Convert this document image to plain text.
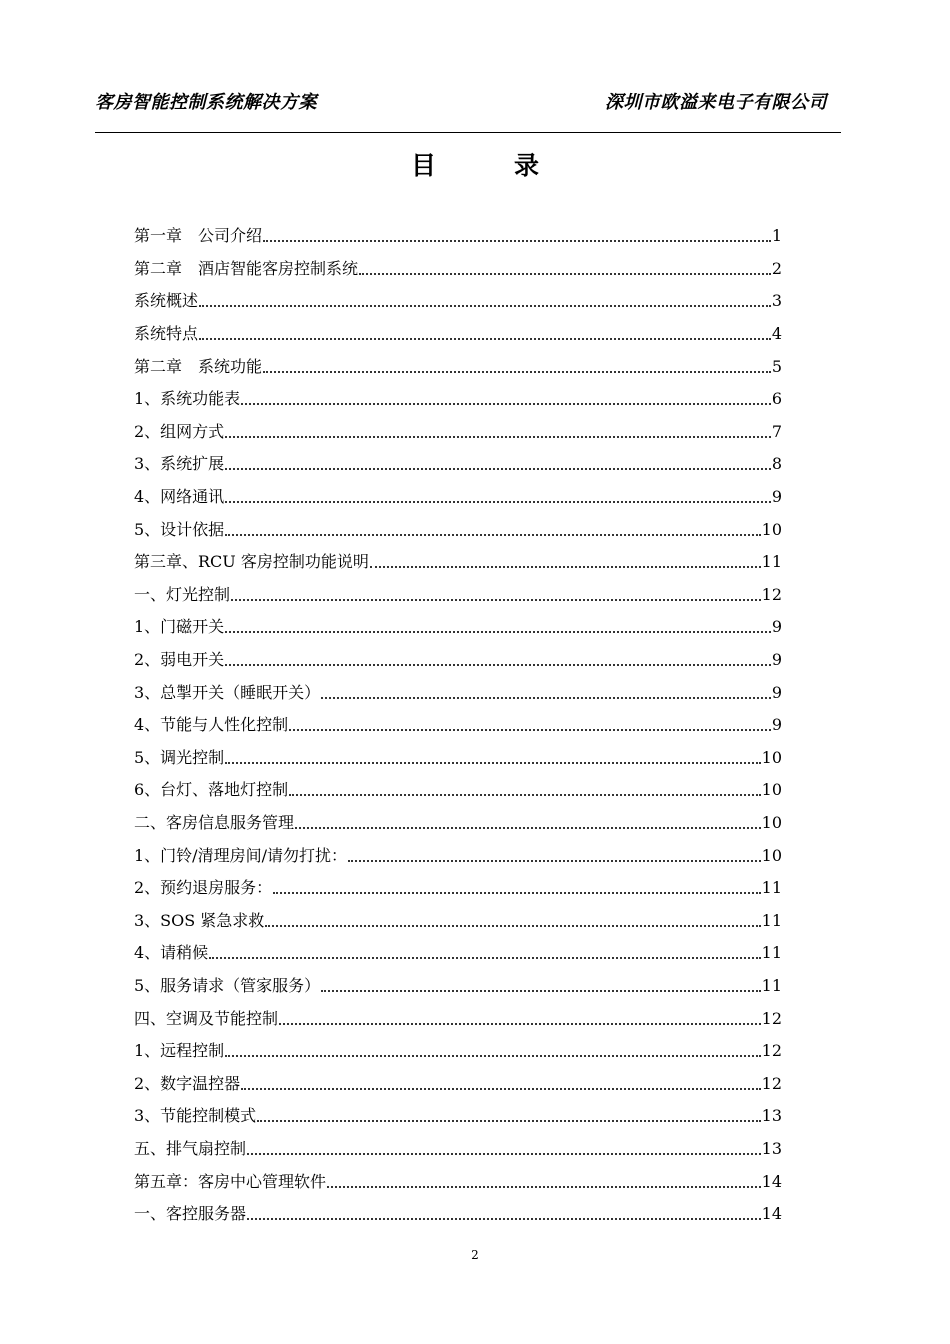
客房智能控制系统解决方案	深圳市欧溢来电子有限公司
目录
第一章　公司介绍	1
第二章　酒店智能客房控制系统	2
系统概述	3
系统特点	4
第二章　系统功能	5
1、系统功能表	6
2、组网方式	7
3、系统扩展	8
4、网络通讯	9
5、设计依据	10
第三章、RCU 客房控制功能说明	11
一、灯光控制	12
1、门磁开关	9
2、弱电开关	9
3、总掣开关（睡眠开关）	9
4、节能与人性化控制	9
5、调光控制	10
6、台灯、落地灯控制	10
二、客房信息服务管理	10
1、门铃/清理房间/请勿打扰：	10
2、预约退房服务：	11
3、SOS 紧急求救	11
4、请稍候	11
5、服务请求（管家服务）	11
四、空调及节能控制	12
1、远程控制	12
2、数字温控器	12
3、节能控制模式	13
五、排气扇控制	13
第五章：客房中心管理软件	14
一、客控服务器	14
2
